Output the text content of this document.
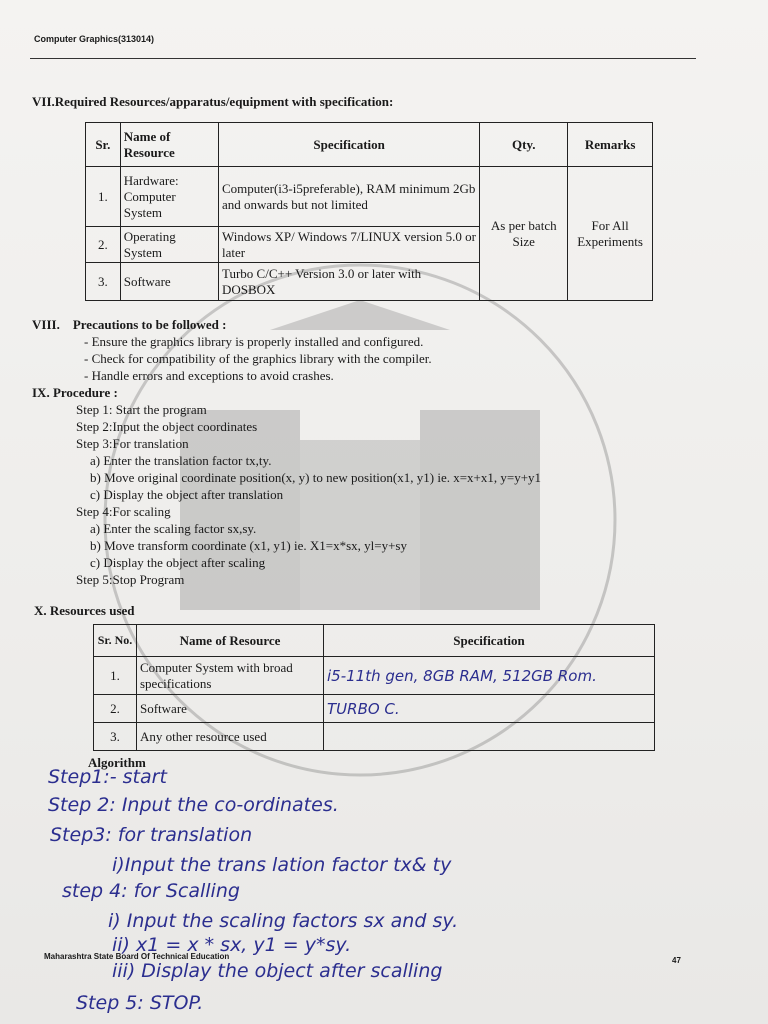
Computer Graphics(313014)
VII.Required Resources/apparatus/equipment with specification:
Sr.	Name of Resource	Specification	Qty.	Remarks
1.	Hardware: Computer System	Computer(i3-i5preferable), RAM minimum 2Gb and onwards but not limited	As per batch Size	For All Experiments
2.	Operating System	Windows XP/ Windows 7/LINUX version 5.0 or later		
3.	Software	Turbo C/C++ Version 3.0 or later with DOSBOX		
VIII. Precautions to be followed :
- Ensure the graphics library is properly installed and configured.
- Check for compatibility of the graphics library with the compiler.
- Handle errors and exceptions to avoid crashes.
IX. Procedure :
Step 1: Start the program
Step 2:Input the object coordinates
Step 3:For translation
a) Enter the translation factor tx,ty.
b) Move original coordinate position(x, y) to new position(x1, y1) ie. x=x+x1, y=y+y1
c) Display the object after translation
Step 4:For scaling
a) Enter the scaling factor sx,sy.
b) Move transform coordinate (x1, y1) ie. X1=x*sx, yl=y+sy
c) Display the object after scaling
Step 5:Stop Program
X. Resources used
Sr. No.	Name of Resource	Specification
1.	Computer System with broad specifications	i5-11th gen, 8GB RAM, 512GB Rom.
2.	Software	TURBO C.
3.	Any other resource used	
Algorithm
Step1:- start
Step 2: Input the co-ordinates.
Step3: for translation
i)Input the trans lation factor tx& ty
step 4: for Scalling
i) Input the scaling factors sx and sy.
ii) x1 = x * sx, y1 = y*sy.
iii) Display the object after scalling
Step 5: STOP.
Maharashtra State Board Of Technical Education	47
